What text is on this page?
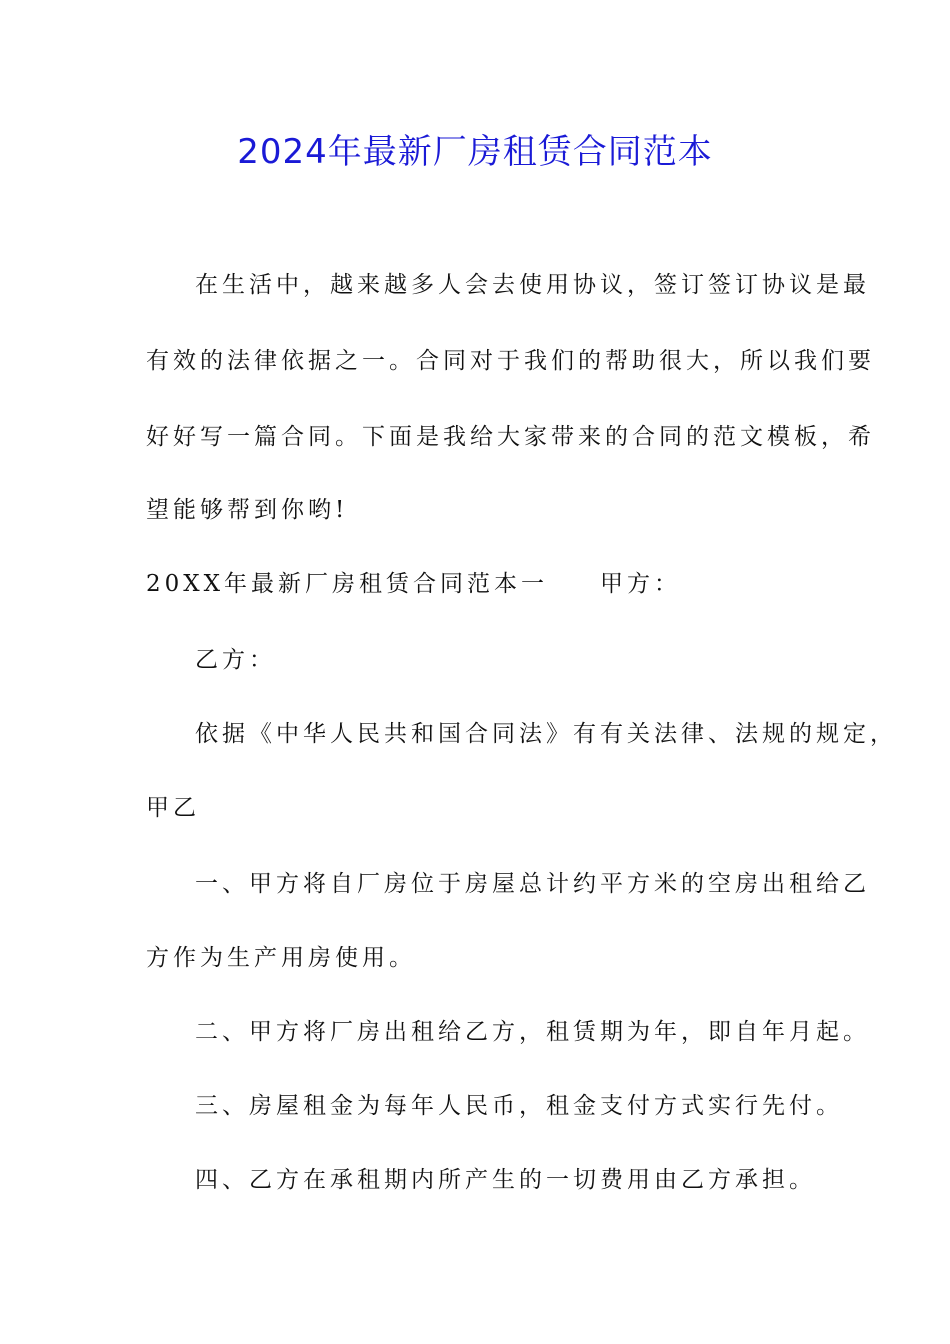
2024年最新厂房租赁合同范本
在生活中，越来越多人会去使用协议，签订签订协议是最
有效的法律依据之一。合同对于我们的帮助很大，所以我们要
好好写一篇合同。下面是我给大家带来的合同的范文模板，希
望能够帮到你哟!
20XX年最新厂房租赁合同范本一 甲方：
乙方：
依据《中华人民共和国合同法》有有关法律、法规的规定，
甲乙
一、甲方将自厂房位于房屋总计约平方米的空房出租给乙
方作为生产用房使用。
二、甲方将厂房出租给乙方，租赁期为年，即自年月起。
三、房屋租金为每年人民币，租金支付方式实行先付。
四、乙方在承租期内所产生的一切费用由乙方承担。
